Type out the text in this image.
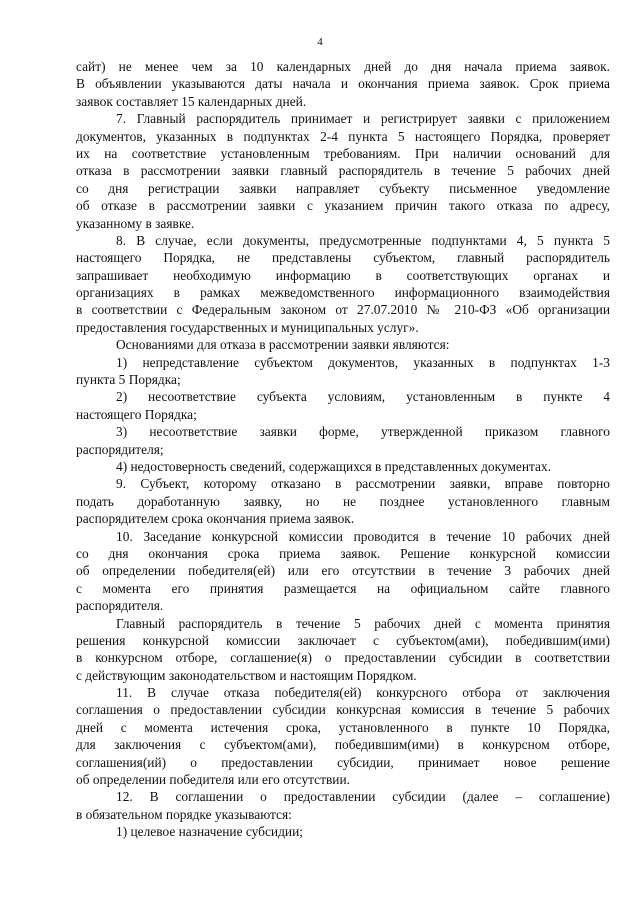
4
сайт) не менее чем за 10 календарных дней до дня начала приема заявок.
В объявлении указываются даты начала и окончания приема заявок. Срок приема
заявок составляет 15 календарных дней.
7. Главный распорядитель принимает и регистрирует заявки с приложением
документов, указанных в подпунктах 2-4 пункта 5 настоящего Порядка, проверяет
их на соответствие установленным требованиям. При наличии оснований для
отказа в рассмотрении заявки главный распорядитель в течение 5 рабочих дней
со дня регистрации заявки направляет субъекту письменное уведомление
об отказе в рассмотрении заявки с указанием причин такого отказа по адресу,
указанному в заявке.
8. В случае, если документы, предусмотренные подпунктами 4, 5 пункта 5
настоящего Порядка, не представлены субъектом, главный распорядитель
запрашивает необходимую информацию в соответствующих органах и
организациях в рамках межведомственного информационного взаимодействия
в соответствии с Федеральным законом от 27.07.2010 № 210-ФЗ «Об организации
предоставления государственных и муниципальных услуг».
Основаниями для отказа в рассмотрении заявки являются:
1) непредставление субъектом документов, указанных в подпунктах 1-3
пункта 5 Порядка;
2) несоответствие субъекта условиям, установленным в пункте 4
настоящего Порядка;
3) несоответствие заявки форме, утвержденной приказом главного
распорядителя;
4) недостоверность сведений, содержащихся в представленных документах.
9. Субъект, которому отказано в рассмотрении заявки, вправе повторно
подать доработанную заявку, но не позднее установленного главным
распорядителем срока окончания приема заявок.
10. Заседание конкурсной комиссии проводится в течение 10 рабочих дней
со дня окончания срока приема заявок. Решение конкурсной комиссии
об определении победителя(ей) или его отсутствии в течение 3 рабочих дней
с момента его принятия размещается на официальном сайте главного
распорядителя.
Главный распорядитель в течение 5 рабочих дней с момента принятия
решения конкурсной комиссии заключает с субъектом(ами), победившим(ими)
в конкурсном отборе, соглашение(я) о предоставлении субсидии в соответствии
с действующим законодательством и настоящим Порядком.
11. В случае отказа победителя(ей) конкурсного отбора от заключения
соглашения о предоставлении субсидии конкурсная комиссия в течение 5 рабочих
дней с момента истечения срока, установленного в пункте 10 Порядка,
для заключения с субъектом(ами), победившим(ими) в конкурсном отборе,
соглашения(ий) о предоставлении субсидии, принимает новое решение
об определении победителя или его отсутствии.
12. В соглашении о предоставлении субсидии (далее – соглашение)
в обязательном порядке указываются:
1) целевое назначение субсидии;
